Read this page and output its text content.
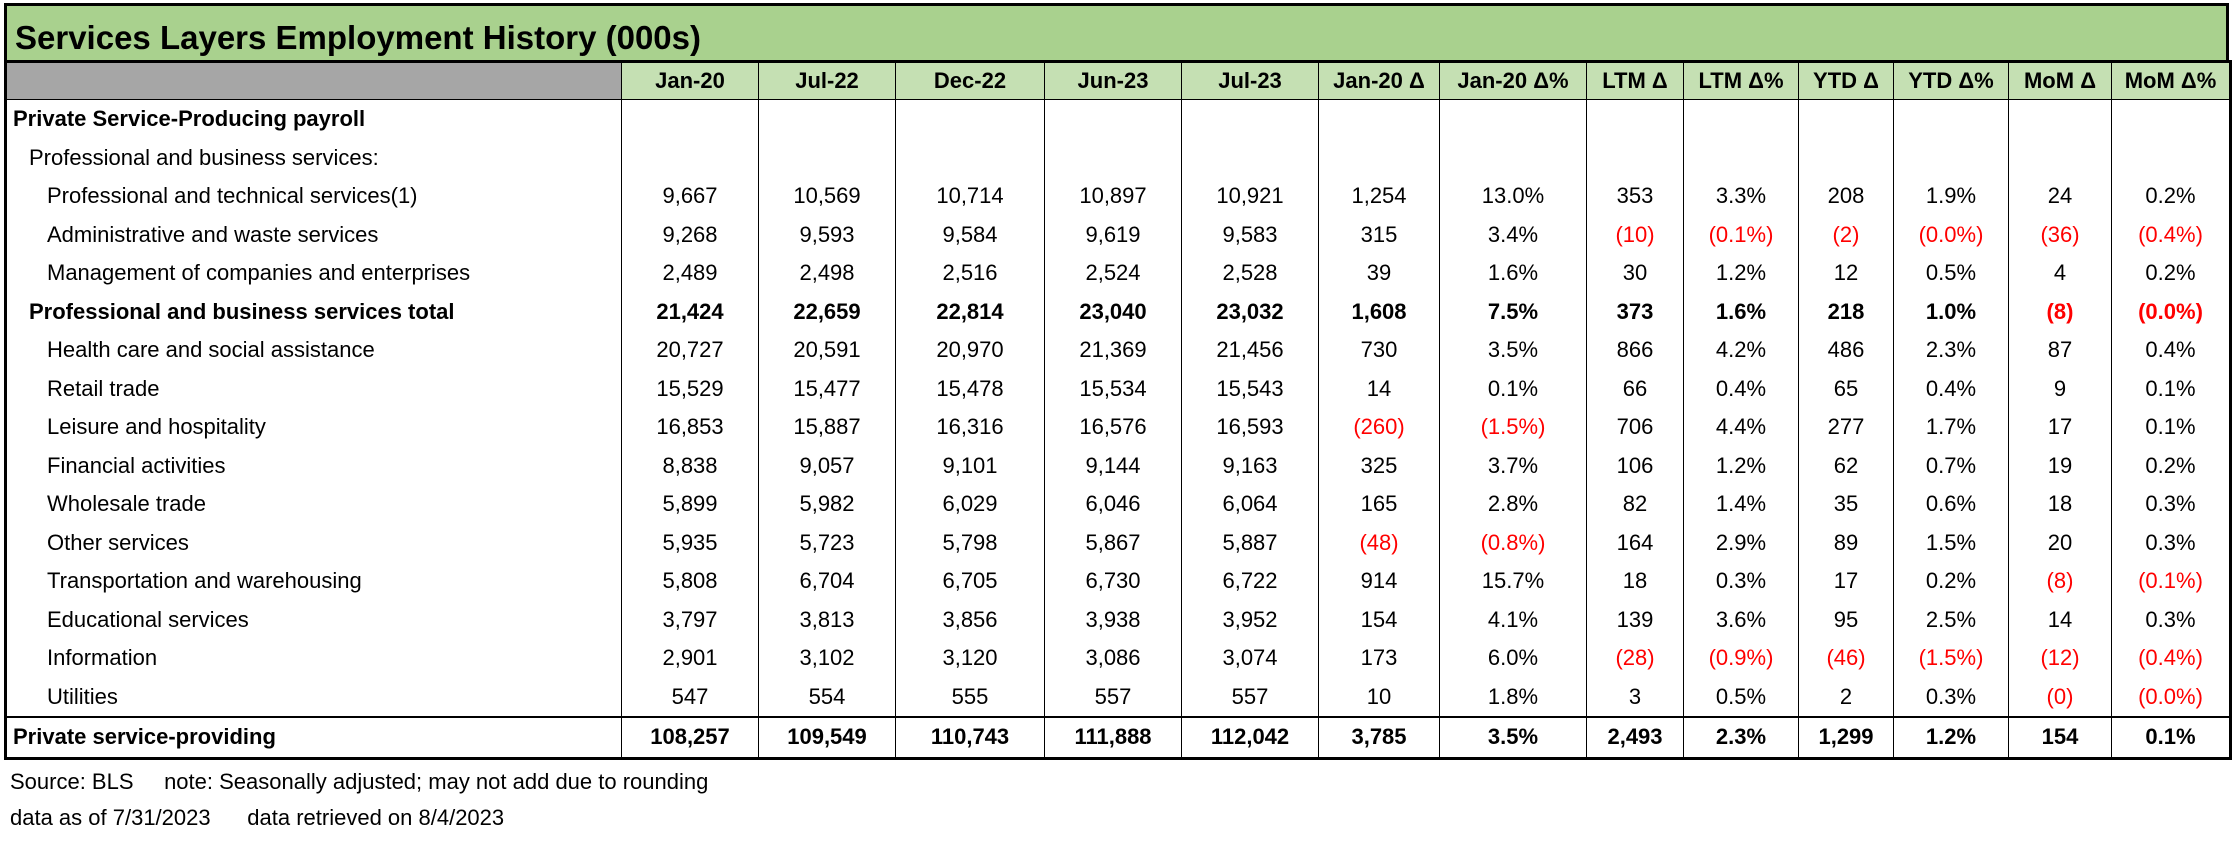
Services Layers Employment History (000s)
	Jan-20	Jul-22	Dec-22	Jun-23	Jul-23	Jan-20 Δ	Jan-20 Δ%	LTM Δ	LTM Δ%	YTD Δ	YTD Δ%	MoM Δ	MoM Δ%
Private Service-Producing payroll													
Professional and business services:													
Professional and technical services(1)	9,667	10,569	10,714	10,897	10,921	1,254	13.0%	353	3.3%	208	1.9%	24	0.2%
Administrative and waste services	9,268	9,593	9,584	9,619	9,583	315	3.4%	(10)	(0.1%)	(2)	(0.0%)	(36)	(0.4%)
Management of companies and enterprises	2,489	2,498	2,516	2,524	2,528	39	1.6%	30	1.2%	12	0.5%	4	0.2%
Professional and business services total	21,424	22,659	22,814	23,040	23,032	1,608	7.5%	373	1.6%	218	1.0%	(8)	(0.0%)
Health care and social assistance	20,727	20,591	20,970	21,369	21,456	730	3.5%	866	4.2%	486	2.3%	87	0.4%
Retail trade	15,529	15,477	15,478	15,534	15,543	14	0.1%	66	0.4%	65	0.4%	9	0.1%
Leisure and hospitality	16,853	15,887	16,316	16,576	16,593	(260)	(1.5%)	706	4.4%	277	1.7%	17	0.1%
Financial activities	8,838	9,057	9,101	9,144	9,163	325	3.7%	106	1.2%	62	0.7%	19	0.2%
Wholesale trade	5,899	5,982	6,029	6,046	6,064	165	2.8%	82	1.4%	35	0.6%	18	0.3%
Other services	5,935	5,723	5,798	5,867	5,887	(48)	(0.8%)	164	2.9%	89	1.5%	20	0.3%
Transportation and warehousing	5,808	6,704	6,705	6,730	6,722	914	15.7%	18	0.3%	17	0.2%	(8)	(0.1%)
Educational services	3,797	3,813	3,856	3,938	3,952	154	4.1%	139	3.6%	95	2.5%	14	0.3%
Information	2,901	3,102	3,120	3,086	3,074	173	6.0%	(28)	(0.9%)	(46)	(1.5%)	(12)	(0.4%)
Utilities	547	554	555	557	557	10	1.8%	3	0.5%	2	0.3%	(0)	(0.0%)
Private service-providing	108,257	109,549	110,743	111,888	112,042	3,785	3.5%	2,493	2.3%	1,299	1.2%	154	0.1%
Source: BLS     note: Seasonally adjusted; may not add due to rounding
data as of 7/31/2023      data retrieved on 8/4/2023
